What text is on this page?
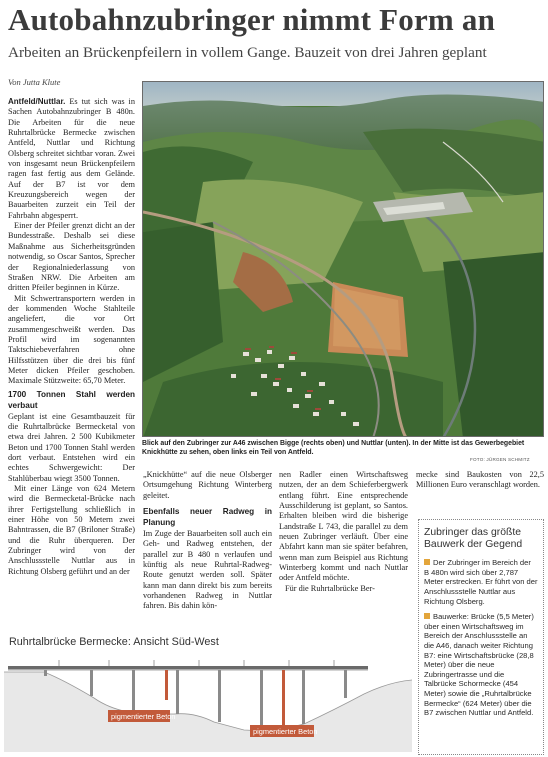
Autobahnzubringer nimmt Form an
Arbeiten an Brückenpfeilern in vollem Gange. Bauzeit von drei Jahren geplant
Von Jutta Klute

Antfeld/Nuttlar. Es tut sich was in Sachen Autobahnzubringer B 480n. Die Arbeiten für die neue Ruhrtalbrücke Bermecke zwischen Antfeld, Nuttlar und Richtung Olsberg schreitet sichtbar voran. Zwei von insgesamt neun Brückenpfeilern ragen fast fertig aus dem Gelände. Auf der B7 ist vor dem Kreuzungsbereich wegen der Bauarbeiten zurzeit ein Teil der Fahrbahn abgesperrt.

Einer der Pfeiler grenzt dicht an der Bundesstraße. Deshalb sei diese Maßnahme aus Sicherheitsgründen notwendig, so Oscar Santos, Sprecher der Regionalniederlassung von Straßen NRW. Die Arbeiten am dritten Pfeiler beginnen in Kürze.

Mit Schwertransportern werden in der kommenden Woche Stahlteile angeliefert, die vor Ort zusammengeschweißt werden. Das Profil wird im sogenannten Taktschiebeverfahren ohne Hilfsstützen über die drei bis fünf Meter dicken Pfeiler geschoben. Maximale Stützweite: 65,70 Meter.

1700 Tonnen Stahl werden verbaut

Geplant ist eine Gesamtbauzeit für die Ruhrtalbrücke Bermecketal von etwa drei Jahren. 2 500 Kubikmeter Beton und 1700 Tonnen Stahl werden dort verbaut. Entstehen wird ein echtes Schwergewicht: Der Stahlüberbau wiegt 3500 Tonnen.

Mit einer Länge von 624 Metern wird die Bermecketal-Brücke nach ihrer Fertigstellung schließlich in einer Höhe von 50 Metern zwei Bahntrassen, die B7 (Briloner Straße) und die Ruhr überqueren. Der Zubringer wird von der Anschlussstelle Nuttlar aus in Richtung Olsberg geführt und an der

Blick auf den Zubringer zur A46 zwischen Bigge (rechts oben) und Nuttlar (unten). In der Mitte ist das Gewerbegebiet Knickhütte zu sehen, oben links ein Teil von Antfeld.
FOTO: JÜRGEN SCHMITZ

„Knickhütte“ auf die neue Olsberger Ortsumgehung Richtung Winterberg geleitet.

Ebenfalls neuer Radweg in Planung

Im Zuge der Bauarbeiten soll auch ein Geh- und Radweg entstehen, der parallel zur B 480 n verlaufen und künftig als neue Ruhrtal-Radweg-Route genutzt werden soll. Später kann man dann direkt bis zum bereits vorhandenen Radweg in Nuttlar fahren. Bis dahin kön-

nen Radler einen Wirtschaftsweg nutzen, der an dem Schieferbergwerk entlang führt. Eine entsprechende Ausschilderung ist geplant, so Santos. Erhalten bleiben wird die bisherige Landstraße L 743, die parallel zu dem neuen Zubringer verläuft. Über eine Abfahrt kann man sie später befahren, wenn man zum Beispiel aus Richtung Winterberg kommt und nach Nuttlar oder Antfeld möchte.

Für die Ruhrtalbrücke Ber-

mecke sind Baukosten von 22,5 Millionen Euro veranschlagt worden.

Zubringer das größte Bauwerk der Gegend
Der Zubringer im Bereich der B 480n wird sich über 2,787 Meter erstrecken. Er führt von der Anschlussstelle Nuttlar aus Richtung Olsberg.
Bauwerke: Brücke (5,5 Meter) über einen Wirtschaftsweg im Bereich der Anschlussstelle an die A46, danach weiter Richtung B7: eine Wirtschaftsbrücke (28,8 Meter) über die neue Zubringertrasse und die Talbrücke Schormecke (454 Meter) sowie die „Ruhrtalbrücke Bermecke“ (624 Meter) über die B7 zwischen Nuttlar und Antfeld.
Ruhrtalbrücke Bermecke: Ansicht Süd-West
pigmentierter Beton
pigmentierter Beton
